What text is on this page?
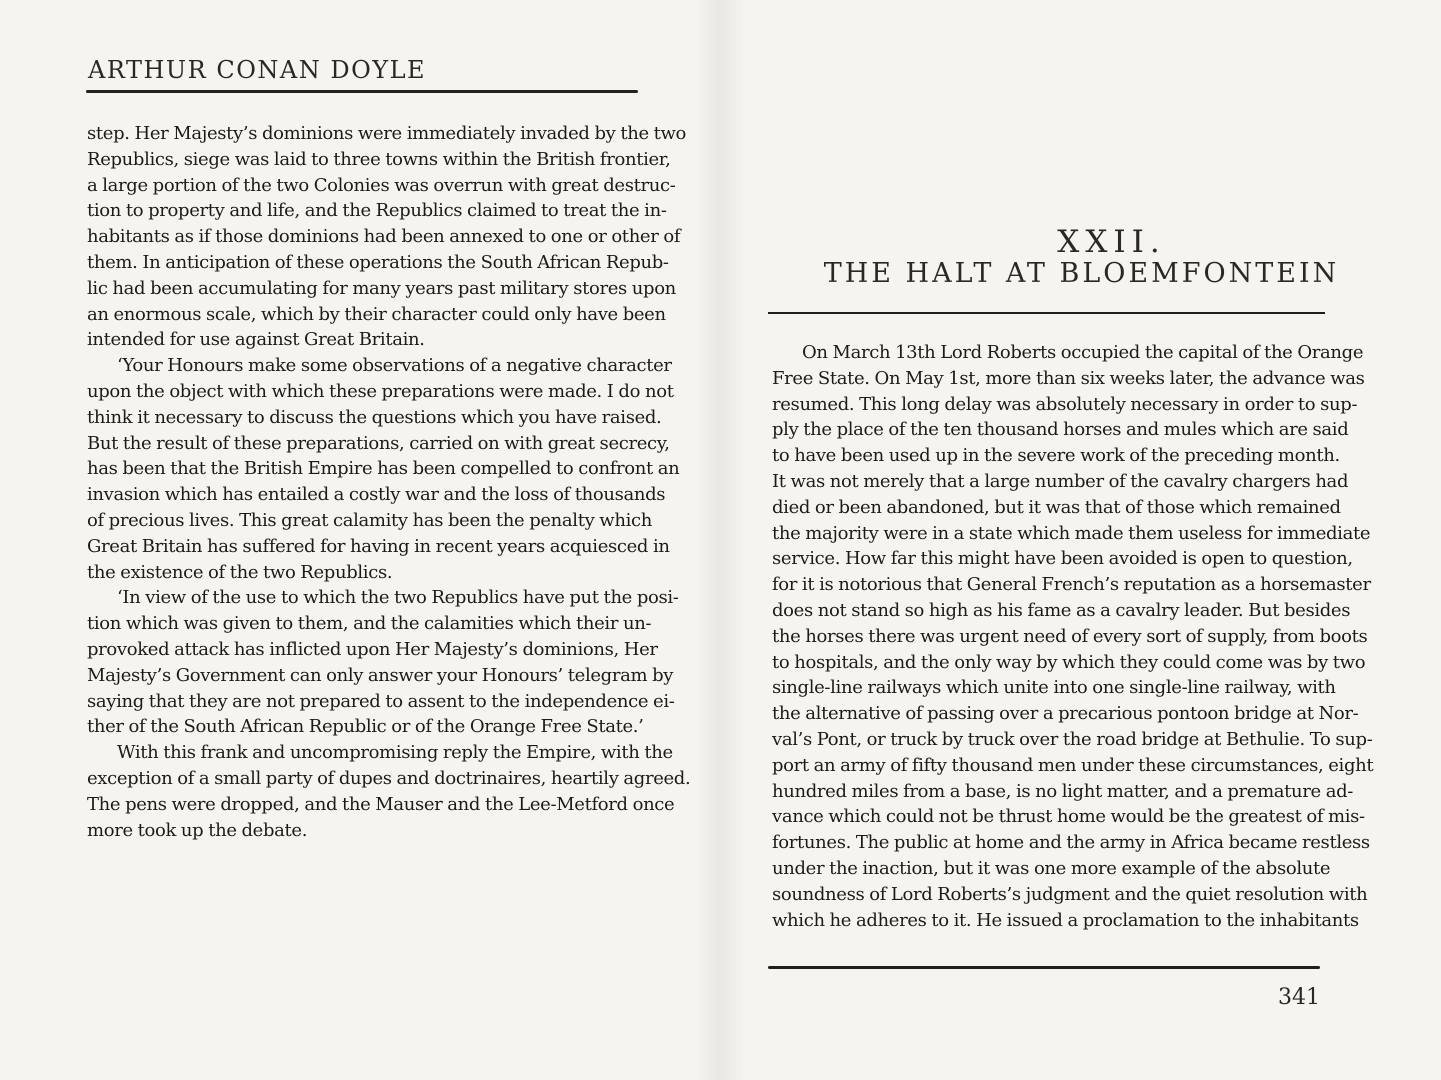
ARTHUR CONAN DOYLE

step. Her Majesty’s dominions were immediately invaded by the two

Republics, siege was laid to three towns within the British frontier,

a large portion of the two Colonies was overrun with great destruc-

tion to property and life, and the Republics claimed to treat the in-

habitants as if those dominions had been annexed to one or other of

them. In anticipation of these operations the South African Repub-

lic had been accumulating for many years past military stores upon

an enormous scale, which by their character could only have been

intended for use against Great Britain.

‘Your Honours make some observations of a negative character

upon the object with which these preparations were made. I do not

think it necessary to discuss the questions which you have raised.

But the result of these preparations, carried on with great secrecy,

has been that the British Empire has been compelled to confront an

invasion which has entailed a costly war and the loss of thousands

of precious lives. This great calamity has been the penalty which

Great Britain has suffered for having in recent years acquiesced in

the existence of the two Republics.

‘In view of the use to which the two Republics have put the posi-

tion which was given to them, and the calamities which their un-

provoked attack has inflicted upon Her Majesty’s dominions, Her

Majesty’s Government can only answer your Honours’ telegram by

saying that they are not prepared to assent to the independence ei-

ther of the South African Republic or of the Orange Free State.’

With this frank and uncompromising reply the Empire, with the

exception of a small party of dupes and doctrinaires, heartily agreed.

The pens were dropped, and the Mauser and the Lee-Metford once

more took up the debate.

XXII.
THE HALT AT BLOEMFONTEIN

On March 13th Lord Roberts occupied the capital of the Orange

Free State. On May 1st, more than six weeks later, the advance was

resumed. This long delay was absolutely necessary in order to sup-

ply the place of the ten thousand horses and mules which are said

to have been used up in the severe work of the preceding month.

It was not merely that a large number of the cavalry chargers had

died or been abandoned, but it was that of those which remained

the majority were in a state which made them useless for immediate

service. How far this might have been avoided is open to question,

for it is notorious that General French’s reputation as a horsemaster

does not stand so high as his fame as a cavalry leader. But besides

the horses there was urgent need of every sort of supply, from boots

to hospitals, and the only way by which they could come was by two

single-line railways which unite into one single-line railway, with

the alternative of passing over a precarious pontoon bridge at Nor-

val’s Pont, or truck by truck over the road bridge at Bethulie. To sup-

port an army of fifty thousand men under these circumstances, eight

hundred miles from a base, is no light matter, and a premature ad-

vance which could not be thrust home would be the greatest of mis-

fortunes. The public at home and the army in Africa became restless

under the inaction, but it was one more example of the absolute

soundness of Lord Roberts’s judgment and the quiet resolution with

which he adheres to it. He issued a proclamation to the inhabitants

341
